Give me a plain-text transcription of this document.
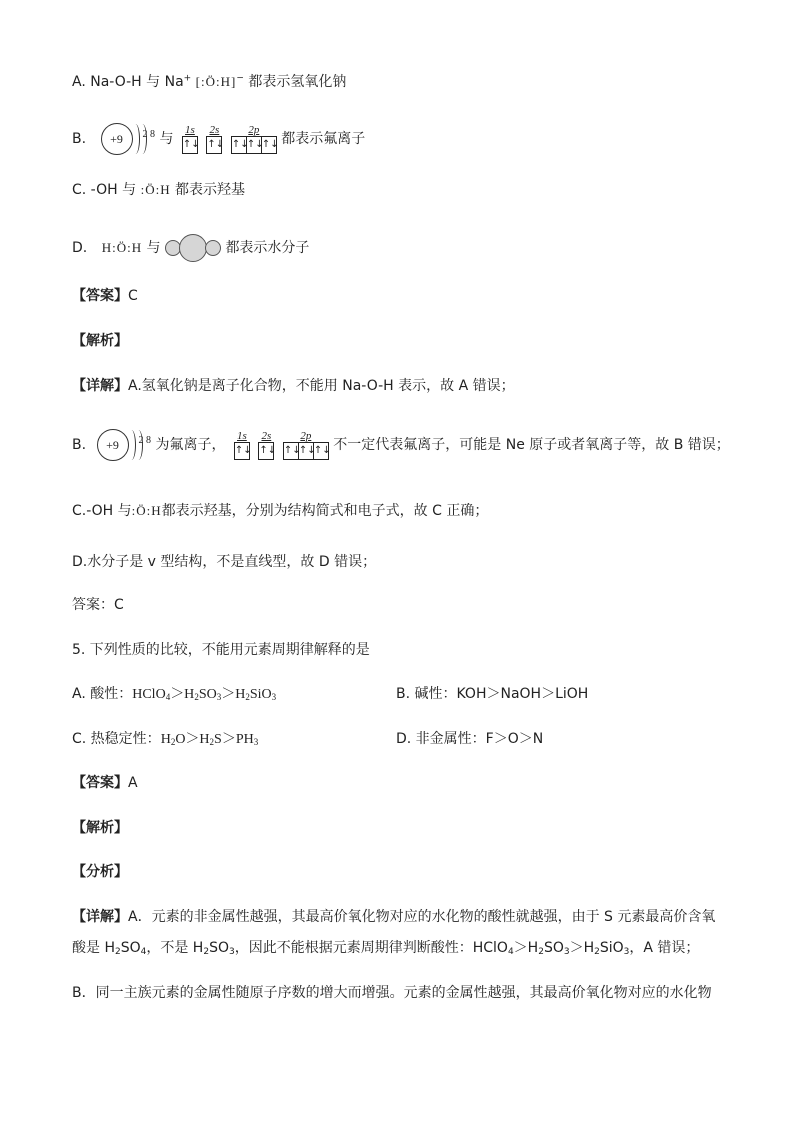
A. Na-O-H 与 Na+ [:Ö:H]− 都表示氢氧化钠
B. +9 2 8 与
1s
↑↓

2s
↑↓

2p
↑↓
↑↓
↑↓ 都表示氟离子
C. -OH 与 :Ö:H 都表示羟基
D. H:Ö:H 与	都表示水分子
【答案】C
【解析】
【详解】A.氢氧化钠是离子化合物，不能用 Na-O-H 表示，故 A 错误；
B. +9 2 8 为氟离子，
1s
↑↓

2s
↑↓

2p
↑↓
↑↓
↑↓ 不一定代表氟离子，可能是 Ne 原子或者氧离子等，故 B 错误；
C.-OH 与:Ö:H都表示羟基，分别为结构简式和电子式，故 C 正确；
D.水分子是 v 型结构，不是直线型，故 D 错误；
答案：C
5. 下列性质的比较，不能用元素周期律解释的是
A. 酸性：$HClO_4>H_2SO_3>H_2SiO_3$	B. 碱性：KOH＞NaOH＞LiOH
C. 热稳定性：$H_2O>H_2S>PH_3$	D. 非金属性：F＞O＞N
【答案】A
【解析】
【分析】
【详解】A．元素的非金属性越强，其最高价氧化物对应的水化物的酸性就越强，由于 S 元素最高价含氧
酸是 $H_2SO_4$，不是 $H_2SO_3$，因此不能根据元素周期律判断酸性：$HClO_4>H_2SO_3>H_2SiO_3$，A 错误；
B．同一主族元素的金属性随原子序数的增大而增强。元素的金属性越强，其最高价氧化物对应的水化物
